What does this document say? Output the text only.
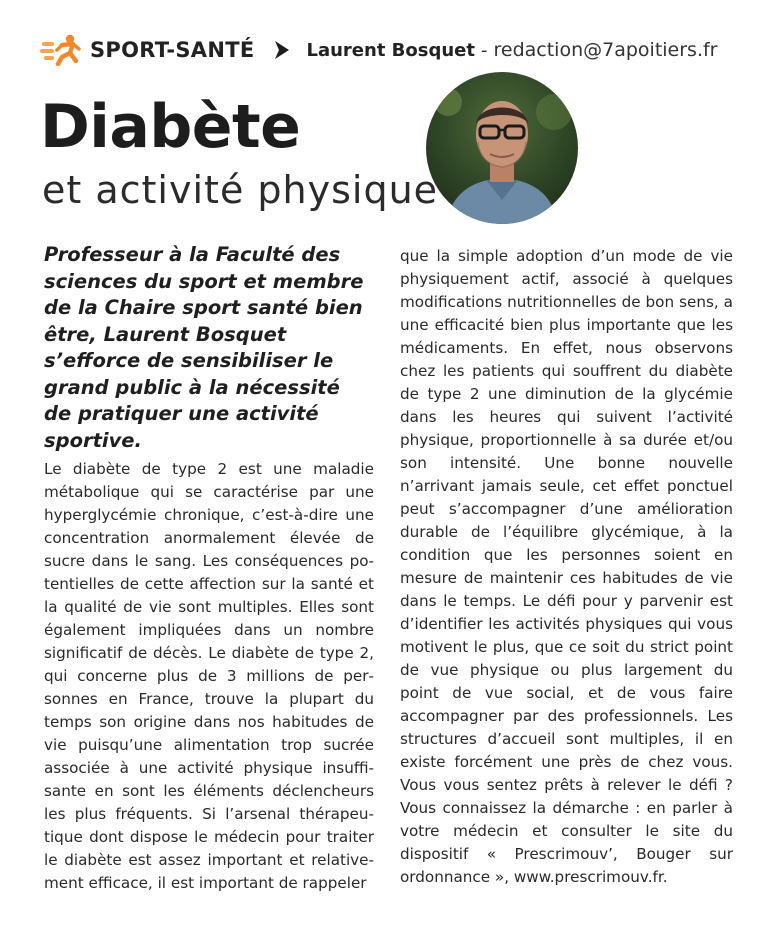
SPORT-SANTÉ	Laurent Bosquet - redaction@7apoitiers.fr
Diabète
et activité physique

Professeur à la Faculté des sciences du sport et membre de la Chaire sport santé bien être, Laurent Bosquet s’efforce de sensibiliser le grand public à la nécessité de pratiquer une activité sportive.

Le diabète de type 2 est une maladie métabolique qui se caractérise par une hyperglycémie chronique, c’est-à-dire une concentration anormalement élevée de sucre dans le sang. Les conséquences potentielles de cette affection sur la santé et la qualité de vie sont multiples. Elles sont également impliquées dans un nombre significatif de décès. Le diabète de type 2, qui concerne plus de 3 millions de personnes en France, trouve la plupart du temps son origine dans nos habitudes de vie puisqu’une alimentation trop sucrée associée à une activité physique insuffisante en sont les éléments déclencheurs les plus fréquents. Si l’arsenal thérapeutique dont dispose le médecin pour traiter le diabète est assez important et relativement efficace, il est important de rappeler

que la simple adoption d’un mode de vie physiquement actif, associé à quelques modifications nutritionnelles de bon sens, a une efficacité bien plus importante que les médicaments. En effet, nous observons chez les patients qui souffrent du diabète de type 2 une diminution de la glycémie dans les heures qui suivent l’activité physique, proportionnelle à sa durée et/ou son intensité. Une bonne nouvelle n’arrivant jamais seule, cet effet ponctuel peut s’accompagner d’une amélioration durable de l’équilibre glycémique, à la condition que les personnes soient en mesure de maintenir ces habitudes de vie dans le temps. Le défi pour y parvenir est d’identifier les activités physiques qui vous motivent le plus, que ce soit du strict point de vue physique ou plus largement du point de vue social, et de vous faire accompagner par des professionnels. Les structures d’accueil sont multiples, il en existe forcément une près de chez vous. Vous vous sentez prêts à relever le défi ? Vous connaissez la démarche : en parler à votre médecin et consulter le site du dispositif « Prescrimouv’, Bouger sur ordonnance », www.prescrimouv.fr.
